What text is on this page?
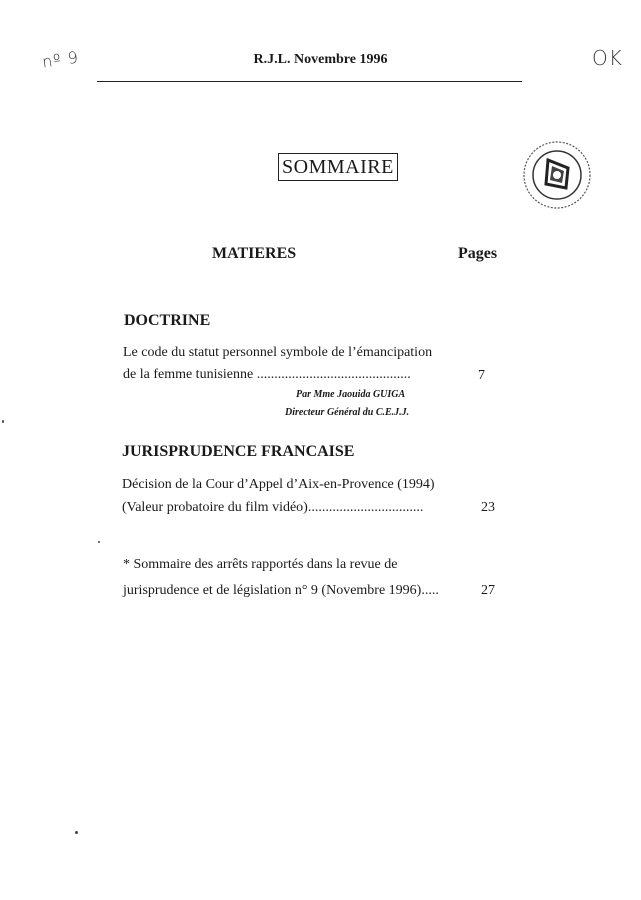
nº 9	OK
R.J.L. Novembre 1996
SOMMAIRE
MATIERES	Pages
DOCTRINE
Le code du statut personnel symbole de l’émancipation
de la femme tunisienne ............................................	7
Par Mme Jaouida GUIGA
Directeur Général du C.E.J.J.
JURISPRUDENCE FRANCAISE
Décision de la Cour d’Appel d’Aix-en-Provence (1994)
(Valeur probatoire du film vidéo).................................	23
* Sommaire des arrêts rapportés dans la revue de
jurisprudence et de législation n° 9 (Novembre 1996).....	27
